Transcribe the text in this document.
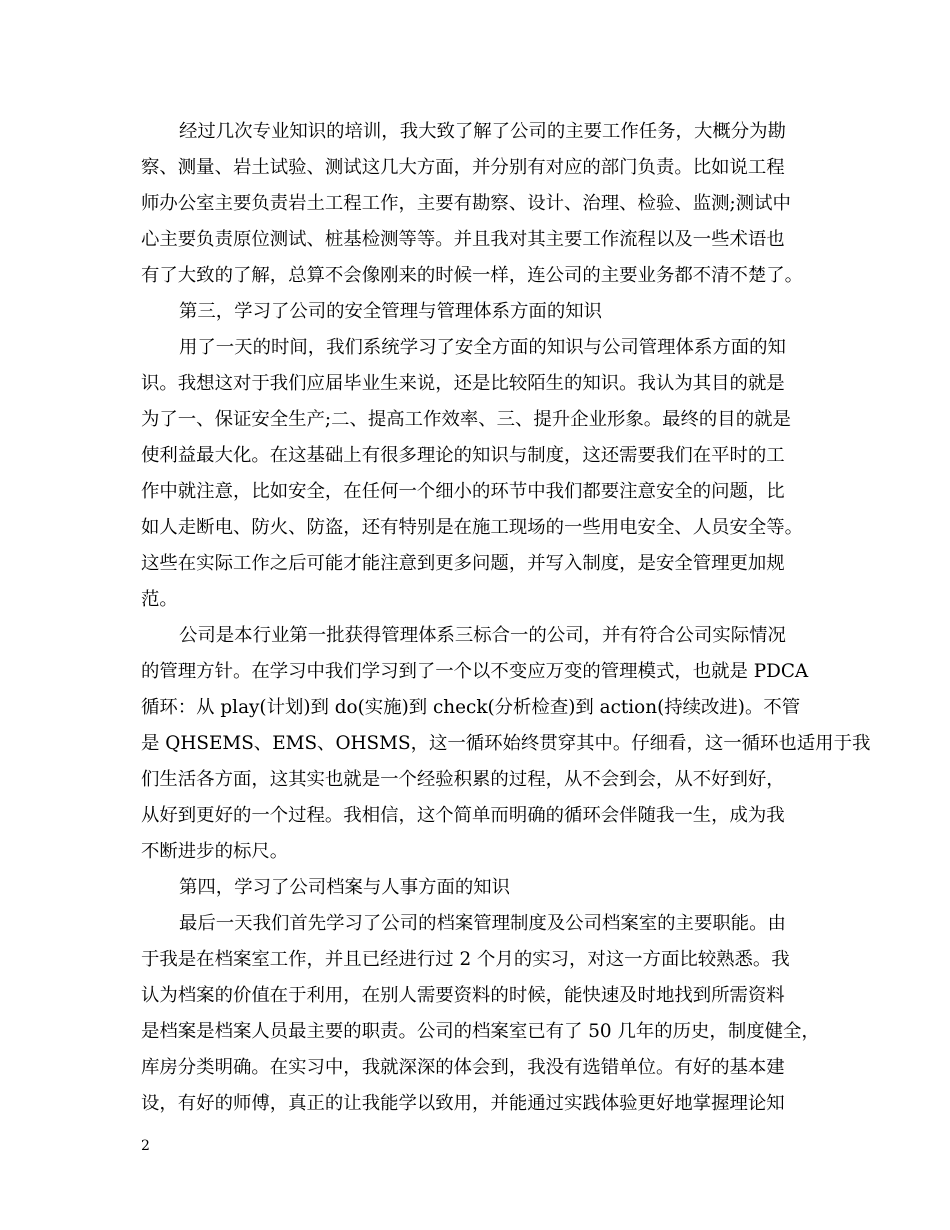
经过几次专业知识的培训，我大致了解了公司的主要工作任务，大概分为勘
察、测量、岩土试验、测试这几大方面，并分别有对应的部门负责。比如说工程
师办公室主要负责岩土工程工作，主要有勘察、设计、治理、检验、监测;测试中
心主要负责原位测试、桩基检测等等。并且我对其主要工作流程以及一些术语也
有了大致的了解，总算不会像刚来的时候一样，连公司的主要业务都不清不楚了。
第三，学习了公司的安全管理与管理体系方面的知识
用了一天的时间，我们系统学习了安全方面的知识与公司管理体系方面的知
识。我想这对于我们应届毕业生来说，还是比较陌生的知识。我认为其目的就是
为了一、保证安全生产;二、提高工作效率、三、提升企业形象。最终的目的就是
使利益最大化。在这基础上有很多理论的知识与制度，这还需要我们在平时的工
作中就注意，比如安全，在任何一个细小的环节中我们都要注意安全的问题，比
如人走断电、防火、防盗，还有特别是在施工现场的一些用电安全、人员安全等。
这些在实际工作之后可能才能注意到更多问题，并写入制度，是安全管理更加规
范。
公司是本行业第一批获得管理体系三标合一的公司，并有符合公司实际情况
的管理方针。在学习中我们学习到了一个以不变应万变的管理模式，也就是 PDCA
循环：从 play(计划)到 do(实施)到 check(分析检查)到 action(持续改进)。不管
是 QHSEMS、EMS、OHSMS，这一循环始终贯穿其中。仔细看，这一循环也适用于我
们生活各方面，这其实也就是一个经验积累的过程，从不会到会，从不好到好，
从好到更好的一个过程。我相信，这个简单而明确的循环会伴随我一生，成为我
不断进步的标尺。
第四，学习了公司档案与人事方面的知识
最后一天我们首先学习了公司的档案管理制度及公司档案室的主要职能。由
于我是在档案室工作，并且已经进行过 2 个月的实习，对这一方面比较熟悉。我
认为档案的价值在于利用，在别人需要资料的时候，能快速及时地找到所需资料
是档案是档案人员最主要的职责。公司的档案室已有了 50 几年的历史，制度健全，
库房分类明确。在实习中，我就深深的体会到，我没有选错单位。有好的基本建
设，有好的师傅，真正的让我能学以致用，并能通过实践体验更好地掌握理论知
2
